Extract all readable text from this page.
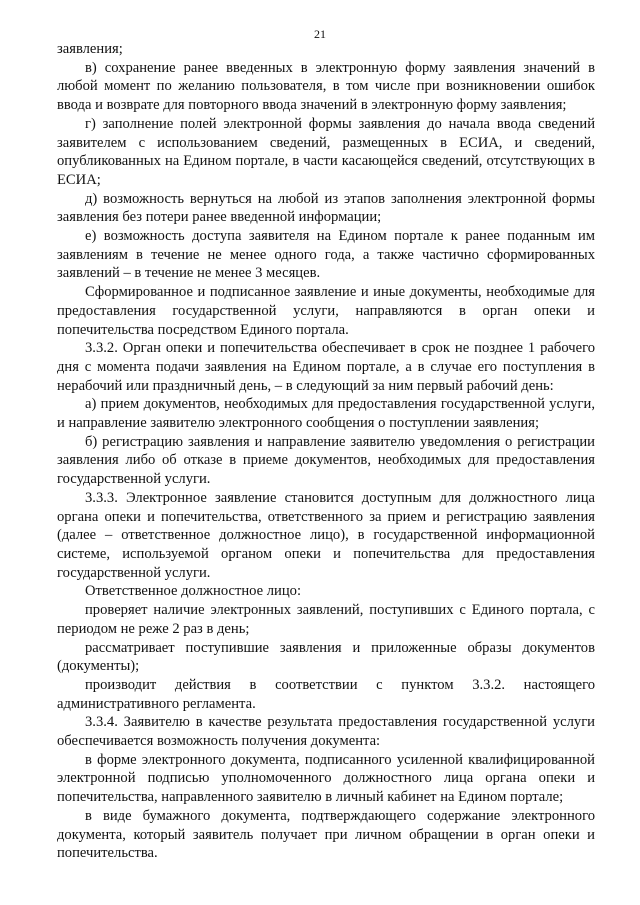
21

заявления;

в) сохранение ранее введенных в электронную форму заявления значений в любой момент по желанию пользователя, в том числе при возникновении ошибок ввода и возврате для повторного ввода значений в электронную форму заявления;

г) заполнение полей электронной формы заявления до начала ввода сведений заявителем с использованием сведений, размещенных в ЕСИА, и сведений, опубликованных на Едином портале, в части касающейся сведений, отсутствующих в ЕСИА;

д) возможность вернуться на любой из этапов заполнения электронной формы заявления без потери ранее введенной информации;

е) возможность доступа заявителя на Едином портале к ранее поданным им заявлениям в течение не менее одного года, а также частично сформированных заявлений – в течение не менее 3 месяцев.

Сформированное и подписанное заявление и иные документы, необходимые для предоставления государственной услуги, направляются в орган опеки и попечительства посредством Единого портала.

3.3.2. Орган опеки и попечительства обеспечивает в срок не позднее 1 рабочего дня с момента подачи заявления на Едином портале, а в случае его поступления в нерабочий или праздничный день, – в следующий за ним первый рабочий день:

а) прием документов, необходимых для предоставления государственной услуги, и направление заявителю электронного сообщения о поступлении заявления;

б) регистрацию заявления и направление заявителю уведомления о регистрации заявления либо об отказе в приеме документов, необходимых для предоставления государственной услуги.

3.3.3. Электронное заявление становится доступным для должностного лица органа опеки и попечительства, ответственного за прием и регистрацию заявления (далее – ответственное должностное лицо), в государственной информационной системе, используемой органом опеки и попечительства для предоставления государственной услуги.

Ответственное должностное лицо:

проверяет наличие электронных заявлений, поступивших с Единого портала, с периодом не реже 2 раз в день;

рассматривает поступившие заявления и приложенные образы документов (документы);

производит действия в соответствии с пунктом 3.3.2. настоящего административного регламента.

3.3.4. Заявителю в качестве результата предоставления государственной услуги обеспечивается возможность получения документа:

в форме электронного документа, подписанного усиленной квалифицированной электронной подписью уполномоченного должностного лица органа опеки и попечительства, направленного заявителю в личный кабинет на Едином портале;

в виде бумажного документа, подтверждающего содержание электронного документа, который заявитель получает при личном обращении в орган опеки и попечительства.
